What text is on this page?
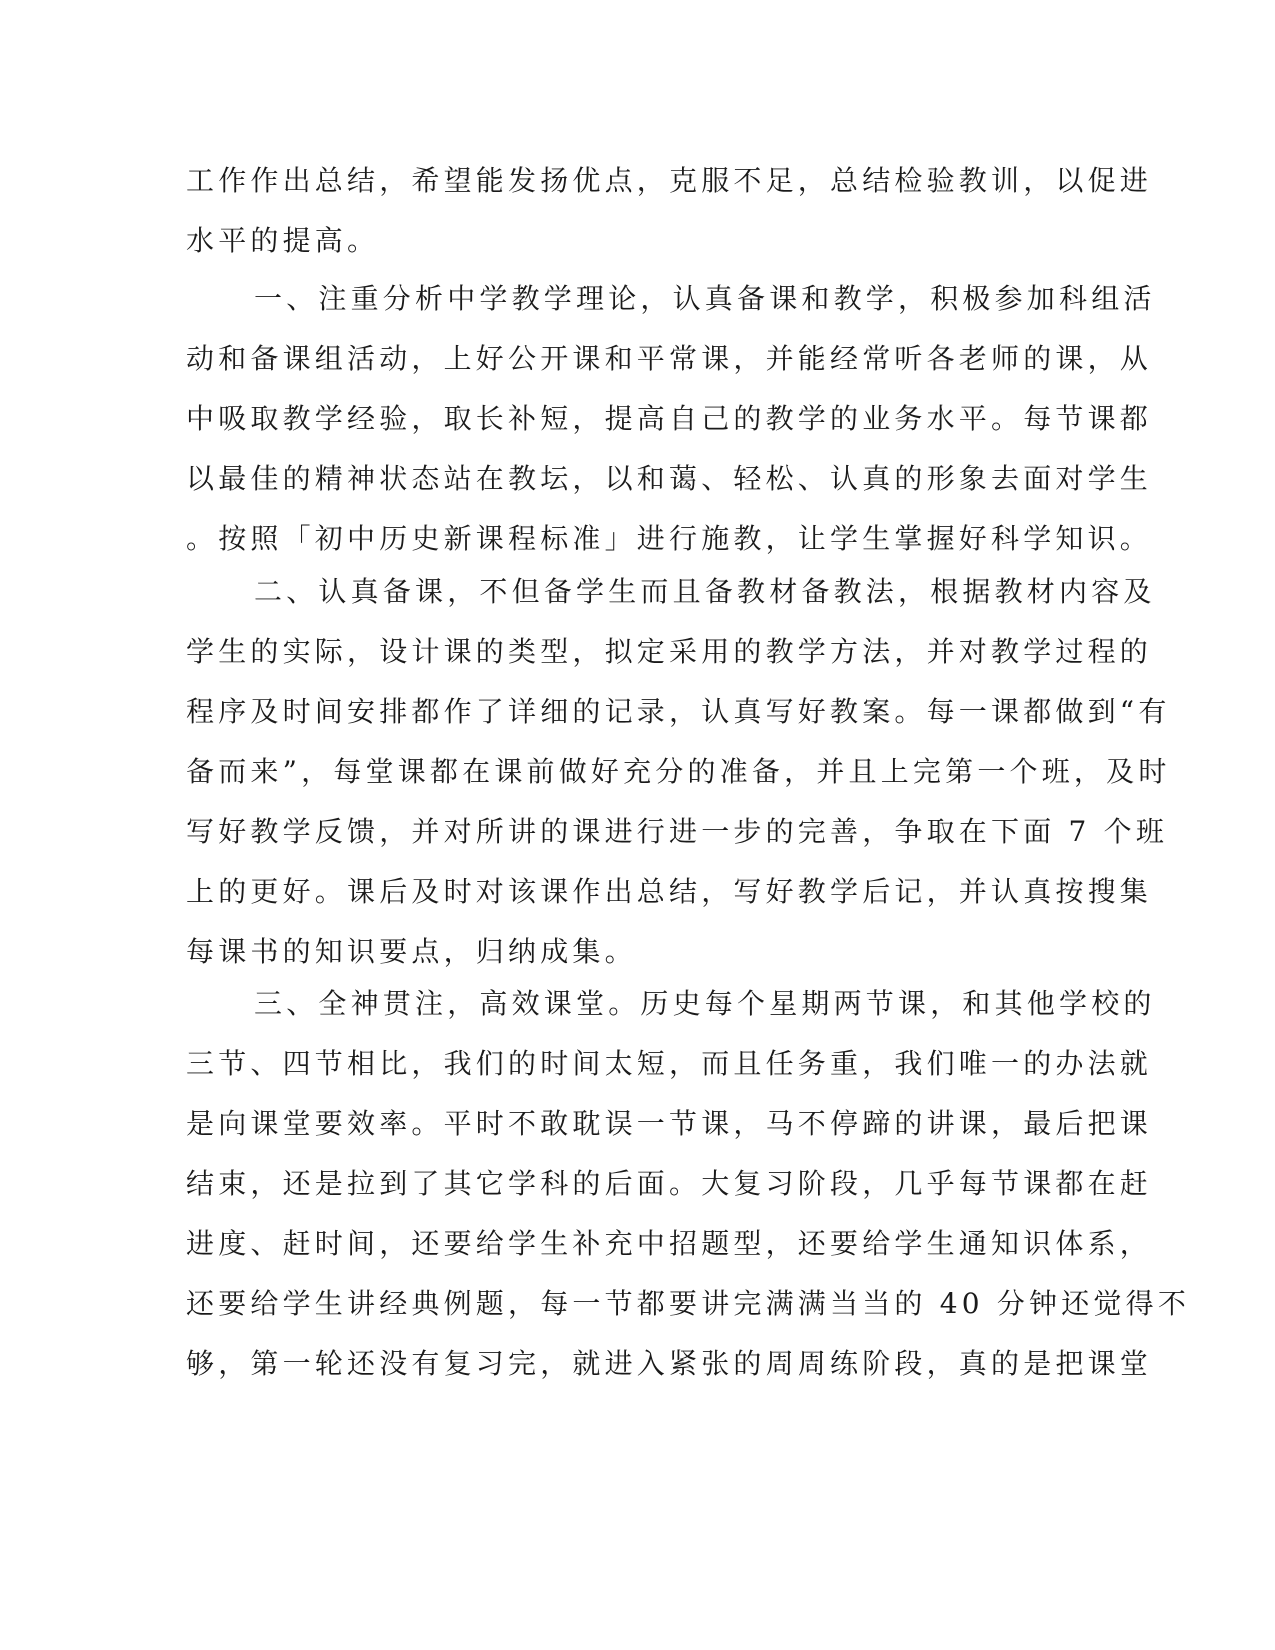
工作作出总结，希望能发扬优点，克服不足，总结检验教训，以促进
水平的提高。
一、注重分析中学教学理论，认真备课和教学，积极参加科组活
动和备课组活动，上好公开课和平常课，并能经常听各老师的课，从
中吸取教学经验，取长补短，提高自己的教学的业务水平。每节课都
以最佳的精神状态站在教坛，以和蔼、轻松、认真的形象去面对学生
。按照「初中历史新课程标准」进行施教，让学生掌握好科学知识。
二、认真备课，不但备学生而且备教材备教法，根据教材内容及
学生的实际，设计课的类型，拟定采用的教学方法，并对教学过程的
程序及时间安排都作了详细的记录，认真写好教案。每一课都做到“有
备而来”，每堂课都在课前做好充分的准备，并且上完第一个班，及时
写好教学反馈，并对所讲的课进行进一步的完善，争取在下面 7 个班
上的更好。课后及时对该课作出总结，写好教学后记，并认真按搜集
每课书的知识要点，归纳成集。
三、全神贯注，高效课堂。历史每个星期两节课，和其他学校的
三节、四节相比，我们的时间太短，而且任务重，我们唯一的办法就
是向课堂要效率。平时不敢耽误一节课，马不停蹄的讲课，最后把课
结束，还是拉到了其它学科的后面。大复习阶段，几乎每节课都在赶
进度、赶时间，还要给学生补充中招题型，还要给学生通知识体系，
还要给学生讲经典例题，每一节都要讲完满满当当的 40 分钟还觉得不
够，第一轮还没有复习完，就进入紧张的周周练阶段，真的是把课堂
